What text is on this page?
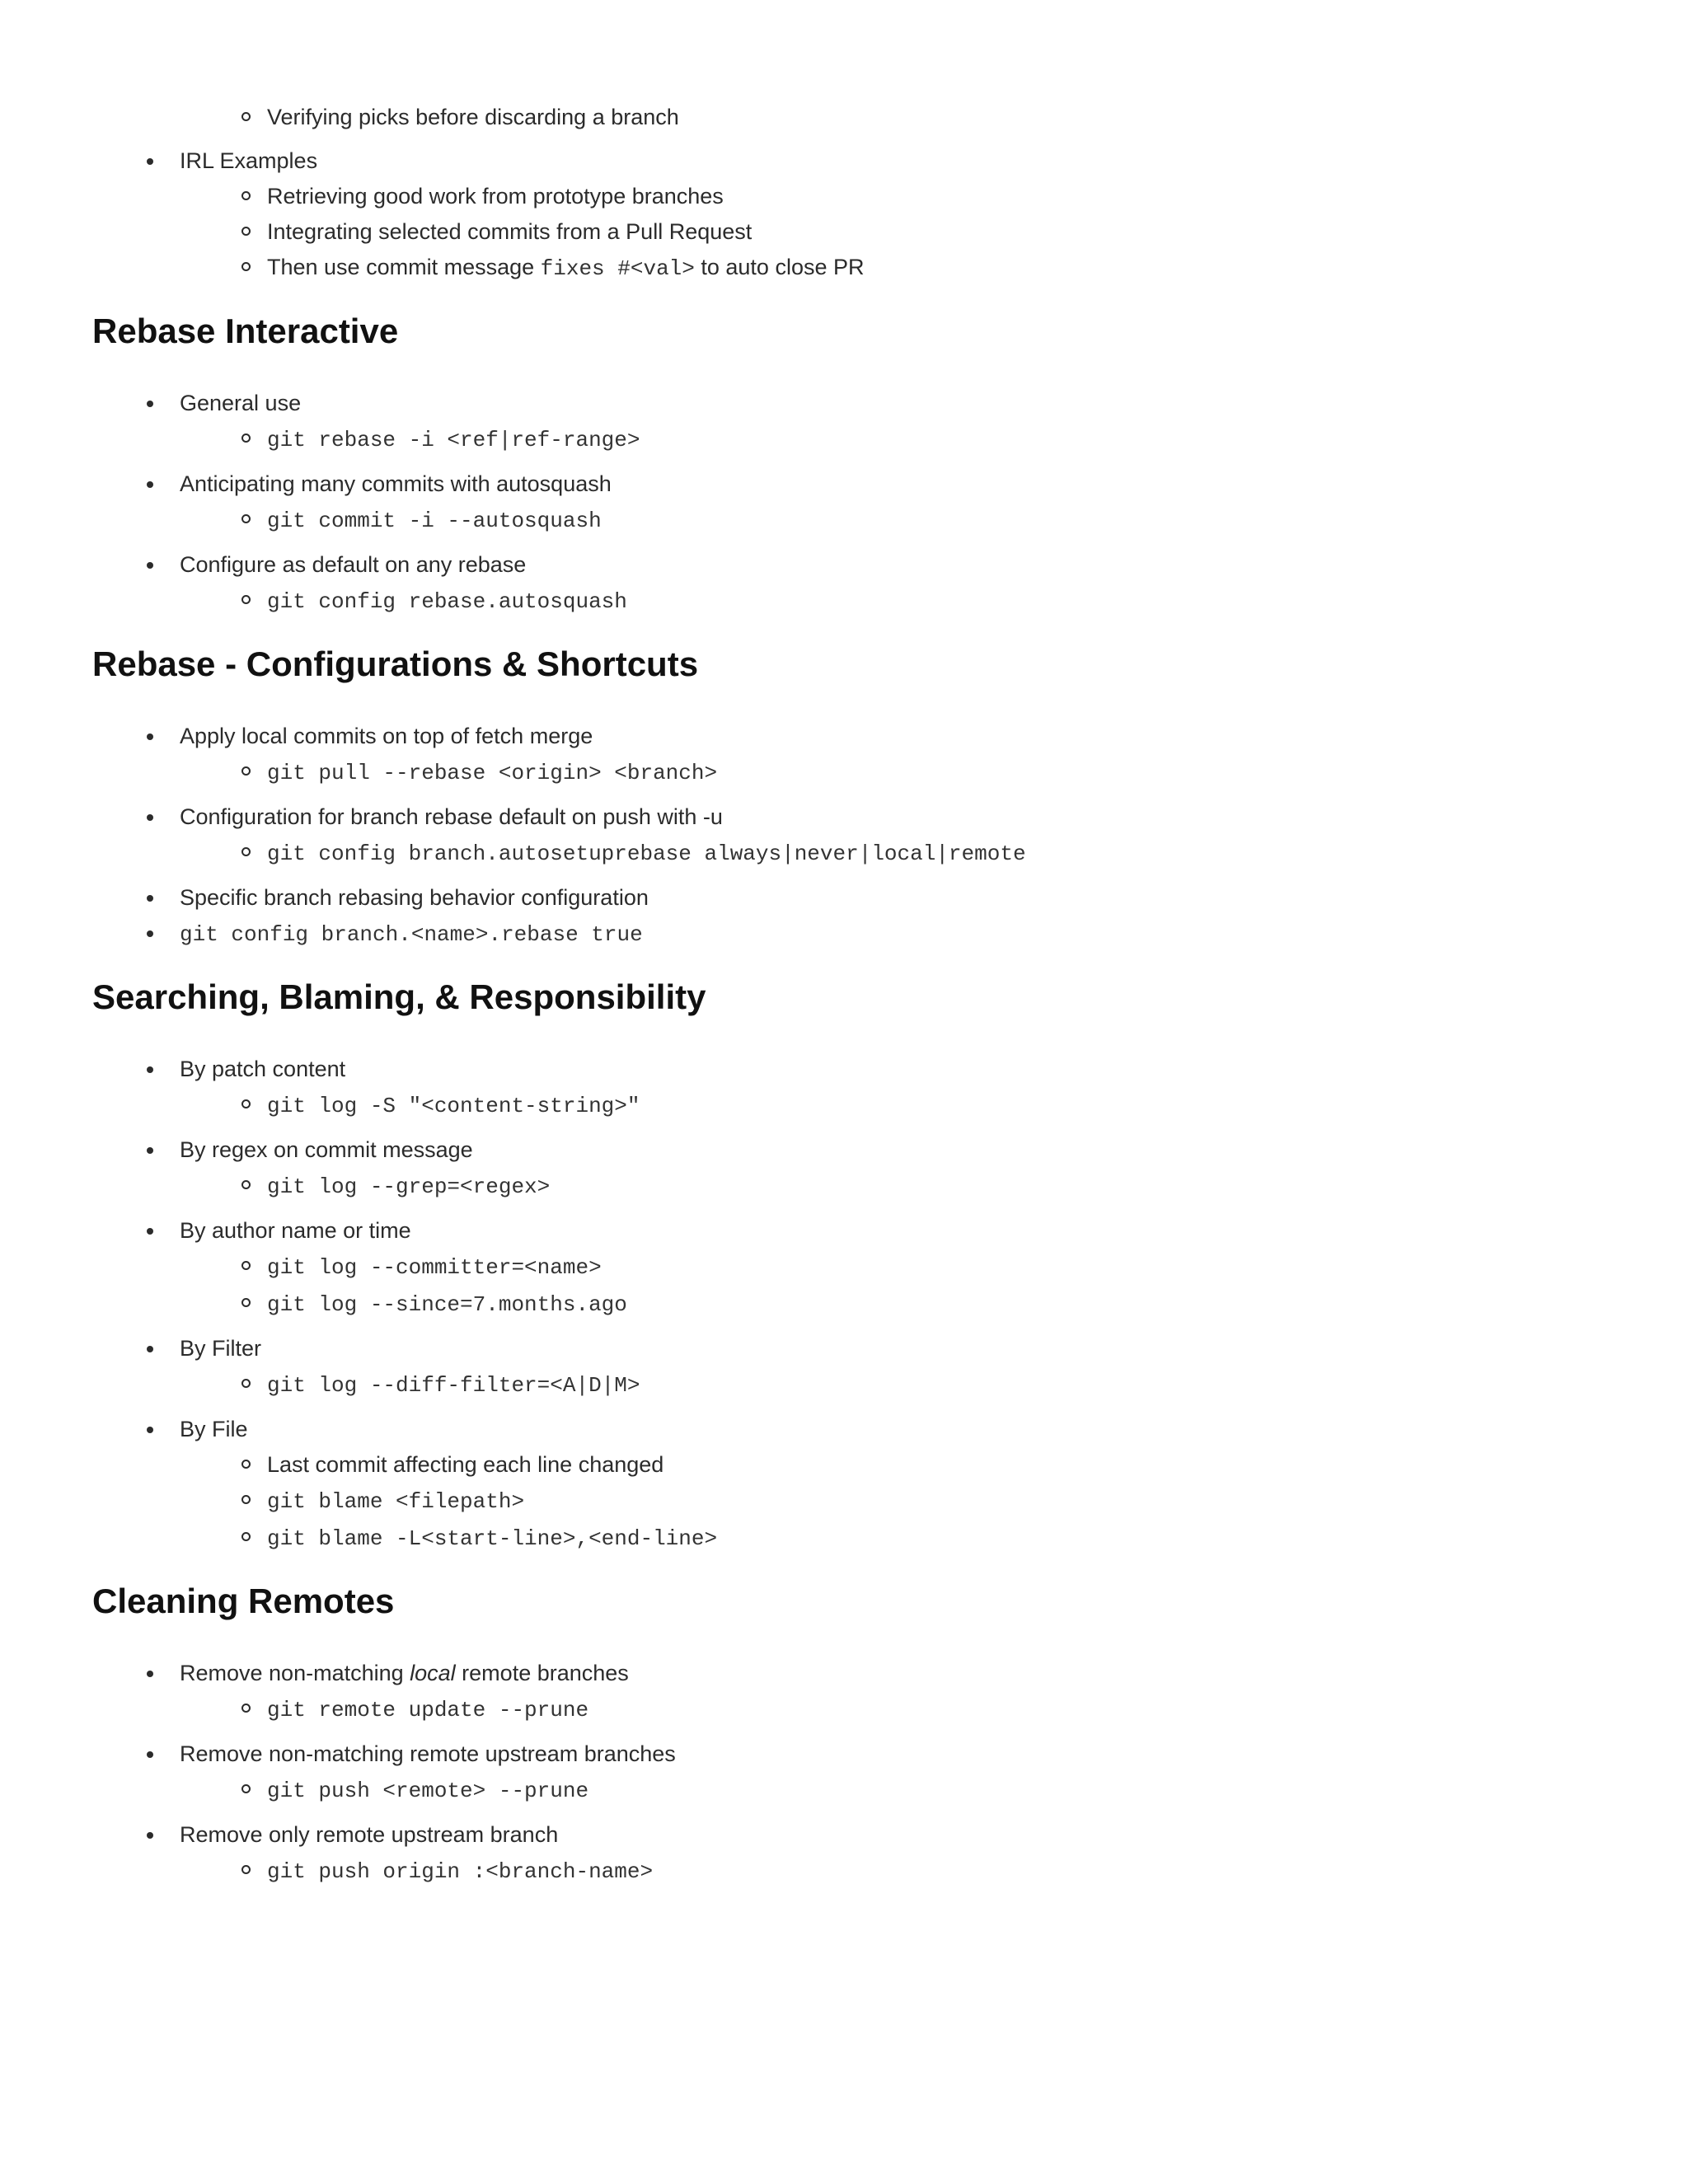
Verifying picks before discarding a branch
IRL Examples
Retrieving good work from prototype branches
Integrating selected commits from a Pull Request
Then use commit message fixes #<val> to auto close PR
Rebase Interactive
General use
git rebase -i <ref|ref-range>
Anticipating many commits with autosquash
git commit -i --autosquash
Configure as default on any rebase
git config rebase.autosquash
Rebase - Configurations & Shortcuts
Apply local commits on top of fetch merge
git pull --rebase <origin> <branch>
Configuration for branch rebase default on push with -u
git config branch.autosetuprebase always|never|local|remote
Specific branch rebasing behavior configuration
git config branch.<name>.rebase true
Searching, Blaming, & Responsibility
By patch content
git log -S "<content-string>"
By regex on commit message
git log --grep=<regex>
By author name or time
git log --committer=<name>
git log --since=7.months.ago
By Filter
git log --diff-filter=<A|D|M>
By File
Last commit affecting each line changed
git blame <filepath>
git blame -L<start-line>,<end-line>
Cleaning Remotes
Remove non-matching local remote branches
git remote update --prune
Remove non-matching remote upstream branches
git push <remote> --prune
Remove only remote upstream branch
git push origin :<branch-name>
